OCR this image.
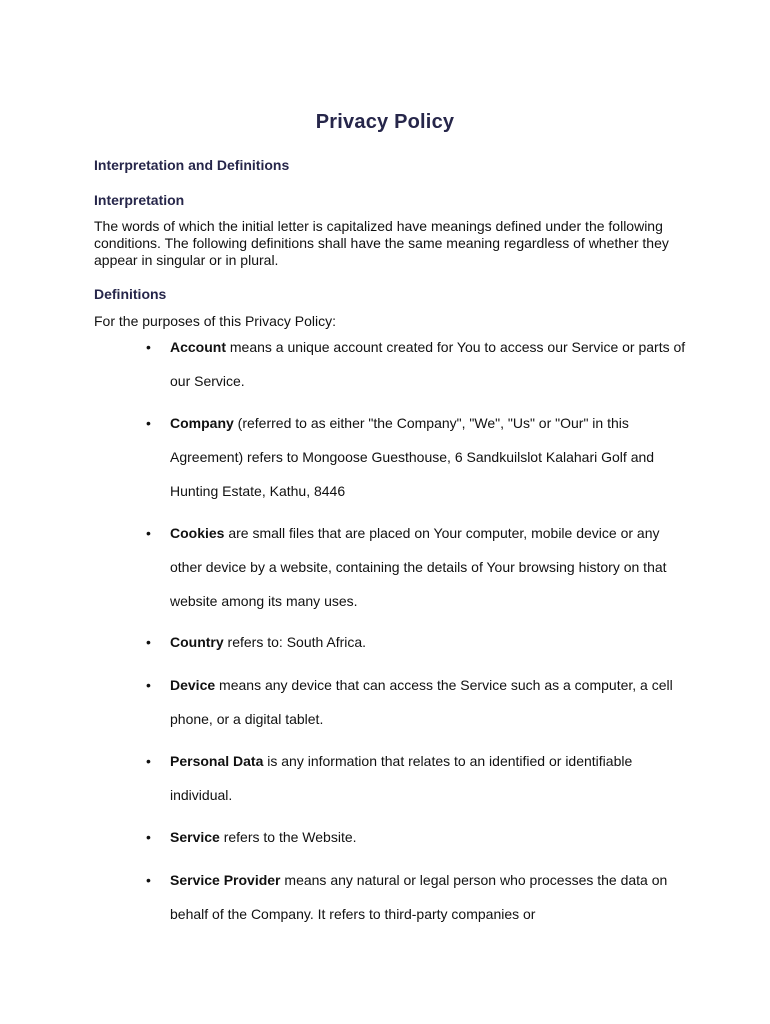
Privacy Policy
Interpretation and Definitions
Interpretation
The words of which the initial letter is capitalized have meanings defined under the following conditions. The following definitions shall have the same meaning regardless of whether they appear in singular or in plural.
Definitions
For the purposes of this Privacy Policy:
• Account means a unique account created for You to access our Service or parts of our Service.
• Company (referred to as either "the Company", "We", "Us" or "Our" in this Agreement) refers to Mongoose Guesthouse, 6 Sandkuilslot Kalahari Golf and Hunting Estate, Kathu, 8446
• Cookies are small files that are placed on Your computer, mobile device or any other device by a website, containing the details of Your browsing history on that website among its many uses.
• Country refers to: South Africa.
• Device means any device that can access the Service such as a computer, a cell phone, or a digital tablet.
• Personal Data is any information that relates to an identified or identifiable individual.
• Service refers to the Website.
• Service Provider means any natural or legal person who processes the data on behalf of the Company. It refers to third-party companies or
